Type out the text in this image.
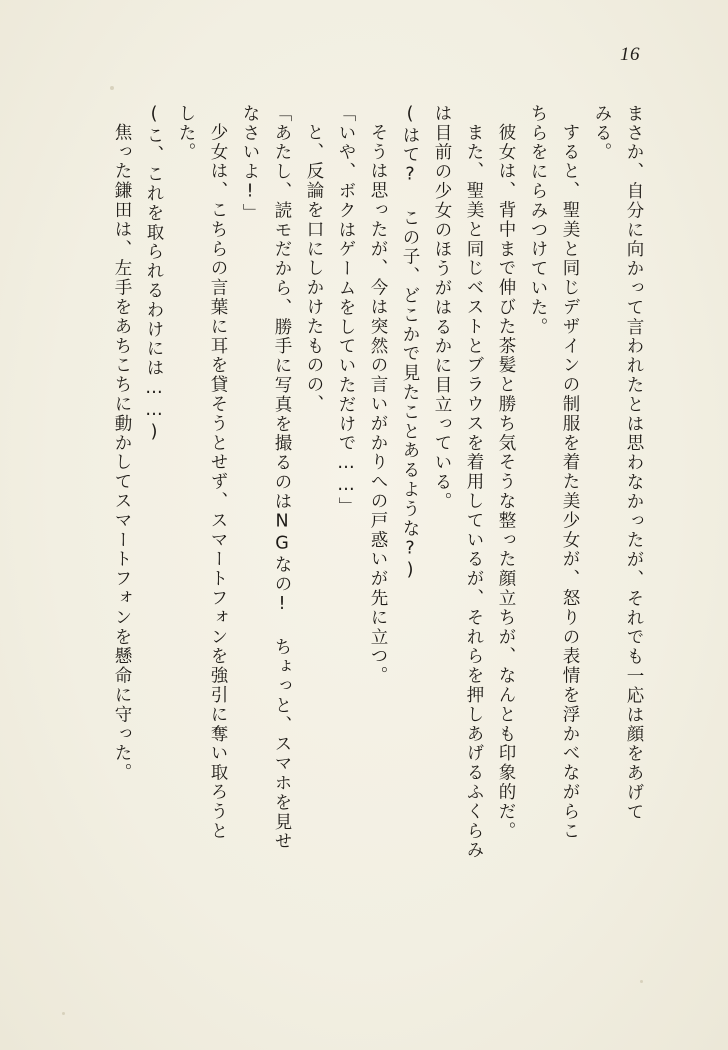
16
まさか、自分に向かって言われたとは思わなかったが、それでも一応は顔をあげて
みる。
すると、聖美と同じデザインの制服を着た美少女が、怒りの表情を浮かべながらこ
ちらをにらみつけていた。
彼女は、背中まで伸びた茶髪と勝ち気そうな整った顔立ちが、なんとも印象的だ。
また、聖美と同じベストとブラウスを着用しているが、それらを押しあげるふくらみ
は目前の少女のほうがはるかに目立っている。
(はて? この子、どこかで見たことあるような?)
そうは思ったが、今は突然の言いがかりへの戸惑いが先に立つ。
「いや、ボクはゲームをしていただけで……」
と、反論を口にしかけたものの、
「あたし、読モだから、勝手に写真を撮るのはNGなの! ちょっと、スマホを見せ
なさいよ!」
少女は、こちらの言葉に耳を貸そうとせず、スマートフォンを強引に奪い取ろうと
した。
(こ、これを取られるわけには……)
焦った鎌田は、左手をあちこちに動かしてスマートフォンを懸命に守った。
